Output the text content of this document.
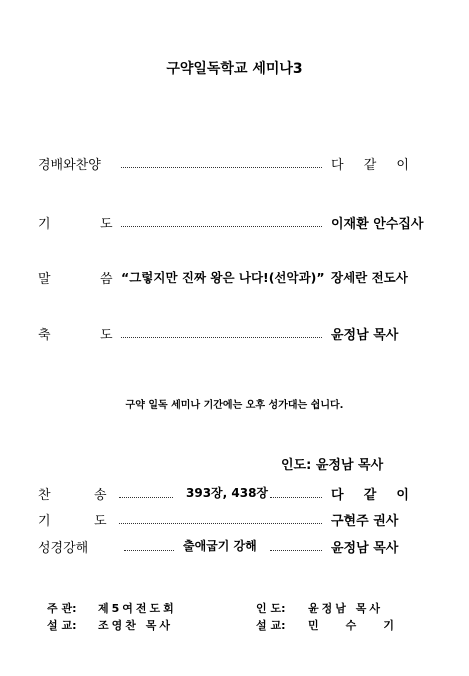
구약일독학교 세미나3
경배와찬양	다 같 이
기	도	이재환 안수집사
말	씀 “그렇지만 진짜 왕은 나다!(선악과)” 장세란 전도사
축	도	윤정남 목사
구약 일독 세미나 기간에는 오후 성가대는 쉽니다.
인도: 윤정남 목사
찬	송	393장, 438장	다 같 이
기	도	구현주 권사
성경강해	출애굽기 강해	윤정남 목사
주 관: 제5여전도회	인 도: 윤정남 목사
설 교: 조영찬 목사	설 교: 민 수 기
